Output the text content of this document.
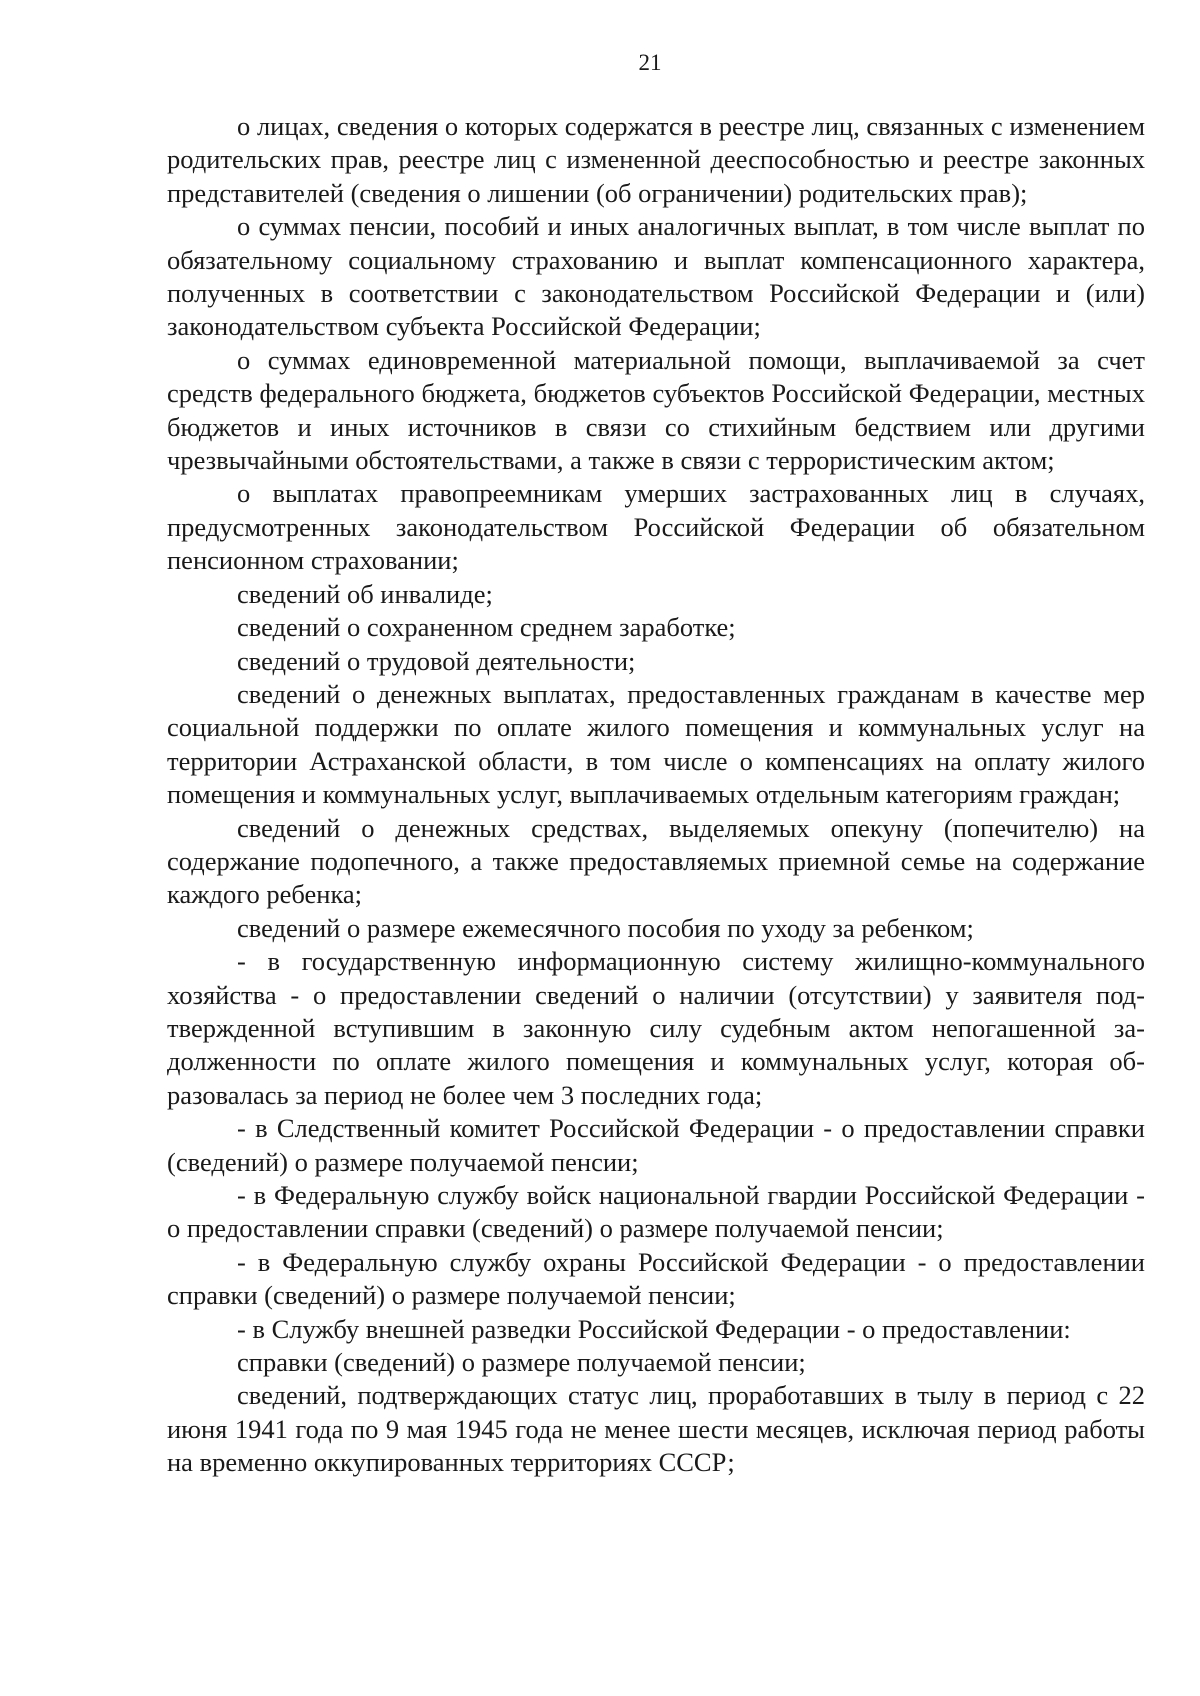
21

о лицах, сведения о которых содержатся в реестре лиц, связанных с изменением родительских прав, реестре лиц с измененной дееспособностью и реестре законных представителей (сведения о лишении (об ограничении) родительских прав);

о суммах пенсии, пособий и иных аналогичных выплат, в том числе выплат по обязательному социальному страхованию и выплат компенсационного характера, полученных в соответствии с законодательством Российской Федерации и (или) законодательством субъекта Российской Федерации;

о суммах единовременной материальной помощи, выплачиваемой за счет средств федерального бюджета, бюджетов субъектов Российской Федерации, местных бюджетов и иных источников в связи со стихийным бедствием или другими чрезвычайными обстоятельствами, а также в связи с террористическим актом;

о выплатах правопреемникам умерших застрахованных лиц в случаях, предусмотренных законодательством Российской Федерации об обязательном пенсионном страховании;

сведений об инвалиде;

сведений о сохраненном среднем заработке;

сведений о трудовой деятельности;

сведений о денежных выплатах, предоставленных гражданам в качестве мер социальной поддержки по оплате жилого помещения и коммунальных услуг на территории Астраханской области, в том числе о компенсациях на оплату жилого помещения и коммунальных услуг, выплачиваемых отдельным категориям граждан;

сведений о денежных средствах, выделяемых опекуну (попечителю) на содержание подопечного, а также предоставляемых приемной семье на содержание каждого ребенка;

сведений о размере ежемесячного пособия по уходу за ребенком;

- в государственную информационную систему жилищно-коммунального хозяйства - о предоставлении сведений о наличии (отсутствии) у заявителя подтвержденной вступившим в законную силу судебным актом непогашенной задолженности по оплате жилого помещения и коммунальных услуг, которая образовалась за период не более чем 3 последних года;

- в Следственный комитет Российской Федерации - о предоставлении справки (сведений) о размере получаемой пенсии;

- в Федеральную службу войск национальной гвардии Российской Федерации - о предоставлении справки (сведений) о размере получаемой пенсии;

- в Федеральную службу охраны Российской Федерации - о предоставлении справки (сведений) о размере получаемой пенсии;

- в Службу внешней разведки Российской Федерации - о предоставлении:

справки (сведений) о размере получаемой пенсии;

сведений, подтверждающих статус лиц, проработавших в тылу в период с 22 июня 1941 года по 9 мая 1945 года не менее шести месяцев, исключая период работы на временно оккупированных территориях СССР;
